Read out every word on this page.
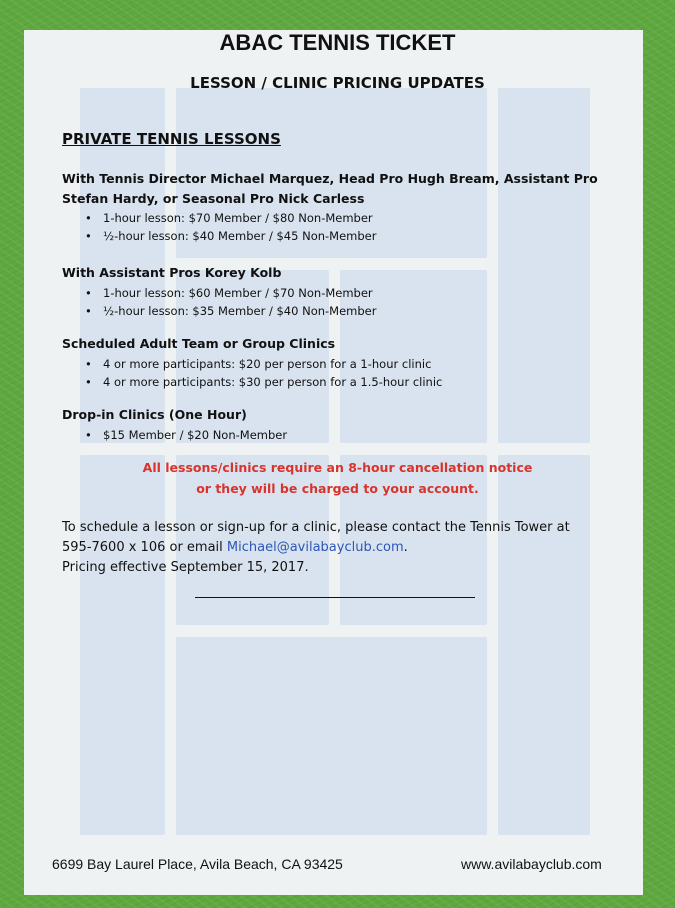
ABAC TENNIS TICKET
LESSON / CLINIC PRICING UPDATES
PRIVATE TENNIS LESSONS
With Tennis Director Michael Marquez, Head Pro Hugh Bream, Assistant Pro
Stefan Hardy, or Seasonal Pro Nick Carless
• 1-hour lesson: $70 Member / $80 Non-Member
• ½-hour lesson: $40 Member / $45 Non-Member
With Assistant Pros Korey Kolb
• 1-hour lesson: $60 Member / $70 Non-Member
• ½-hour lesson: $35 Member / $40 Non-Member
Scheduled Adult Team or Group Clinics
• 4 or more participants: $20 per person for a 1-hour clinic
• 4 or more participants: $30 per person for a 1.5-hour clinic
Drop-in Clinics (One Hour)
• $15 Member / $20 Non-Member
All lessons/clinics require an 8-hour cancellation notice
or they will be charged to your account.
To schedule a lesson or sign-up for a clinic, please contact the Tennis Tower at
595-7600 x 106 or email Michael@avilabayclub.com.
Pricing effective September 15, 2017.
6699 Bay Laurel Place, Avila Beach, CA 93425	www.avilabayclub.com
